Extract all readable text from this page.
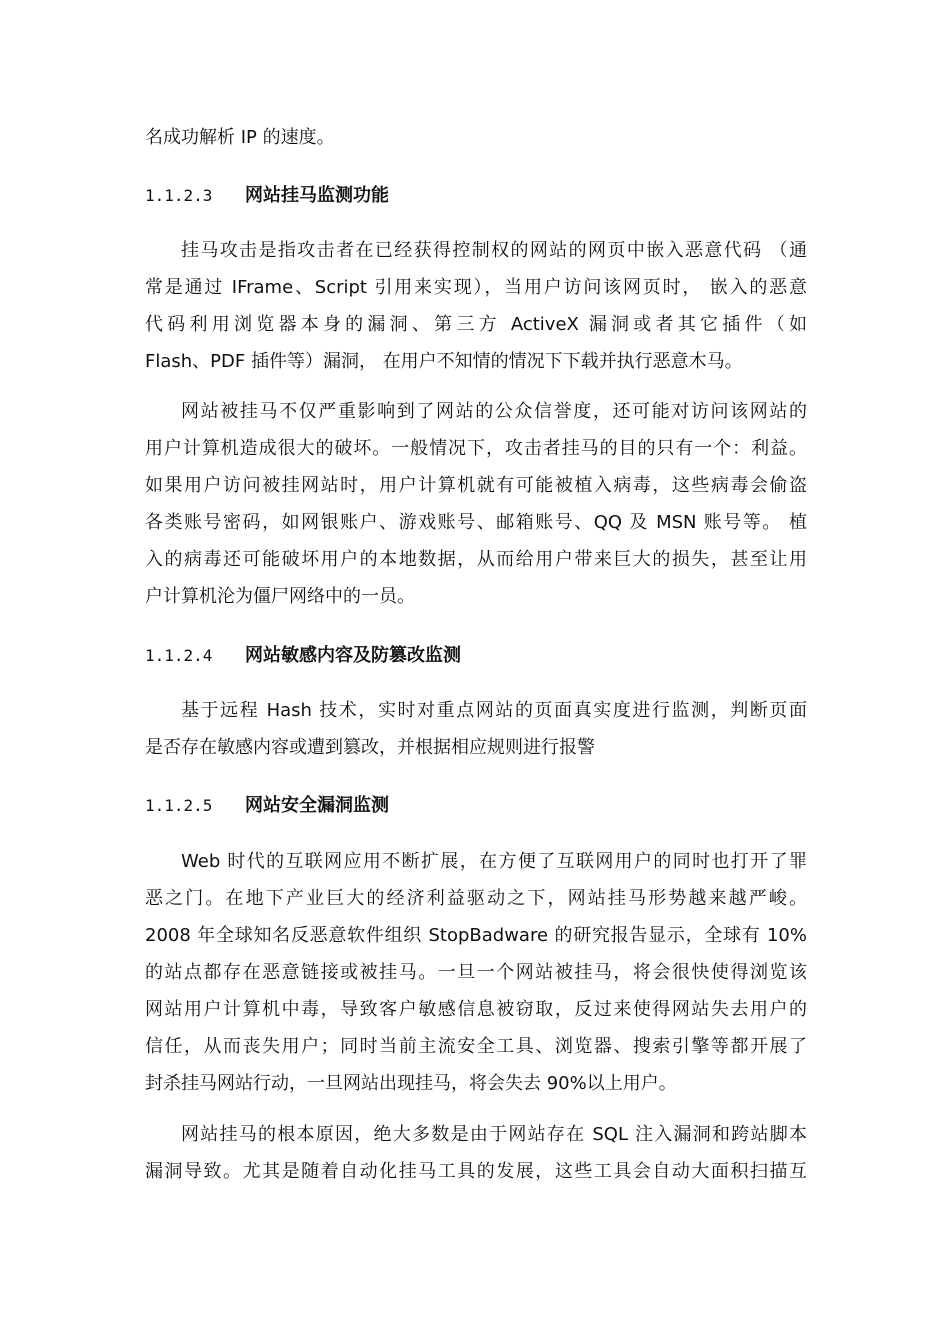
名成功解析 IP 的速度。
1.1.2.3 网站挂马监测功能
挂马攻击是指攻击者在已经获得控制权的网站的网页中嵌入恶意代码 （通
常是通过 IFrame、Script 引用来实现），当用户访问该网页时， 嵌入的恶意
代码利用浏览器本身的漏洞、第三方 ActiveX 漏洞或者其它插件（如
Flash、PDF 插件等）漏洞， 在用户不知情的情况下下载并执行恶意木马。
网站被挂马不仅严重影响到了网站的公众信誉度，还可能对访问该网站的
用户计算机造成很大的破坏。一般情况下，攻击者挂马的目的只有一个：利益。
如果用户访问被挂网站时，用户计算机就有可能被植入病毒，这些病毒会偷盗
各类账号密码，如网银账户、游戏账号、邮箱账号、QQ 及 MSN 账号等。 植
入的病毒还可能破坏用户的本地数据，从而给用户带来巨大的损失，甚至让用
户计算机沦为僵尸网络中的一员。
1.1.2.4 网站敏感内容及防篡改监测
基于远程 Hash 技术，实时对重点网站的页面真实度进行监测，判断页面
是否存在敏感内容或遭到篡改，并根据相应规则进行报警
1.1.2.5 网站安全漏洞监测
Web 时代的互联网应用不断扩展，在方便了互联网用户的同时也打开了罪
恶之门。在地下产业巨大的经济利益驱动之下，网站挂马形势越来越严峻。
2008 年全球知名反恶意软件组织 StopBadware 的研究报告显示，全球有 10%
的站点都存在恶意链接或被挂马。一旦一个网站被挂马，将会很快使得浏览该
网站用户计算机中毒，导致客户敏感信息被窃取，反过来使得网站失去用户的
信任，从而丧失用户；同时当前主流安全工具、浏览器、搜索引擎等都开展了
封杀挂马网站行动，一旦网站出现挂马，将会失去 90%以上用户。
网站挂马的根本原因，绝大多数是由于网站存在 SQL 注入漏洞和跨站脚本
漏洞导致。尤其是随着自动化挂马工具的发展，这些工具会自动大面积扫描互
